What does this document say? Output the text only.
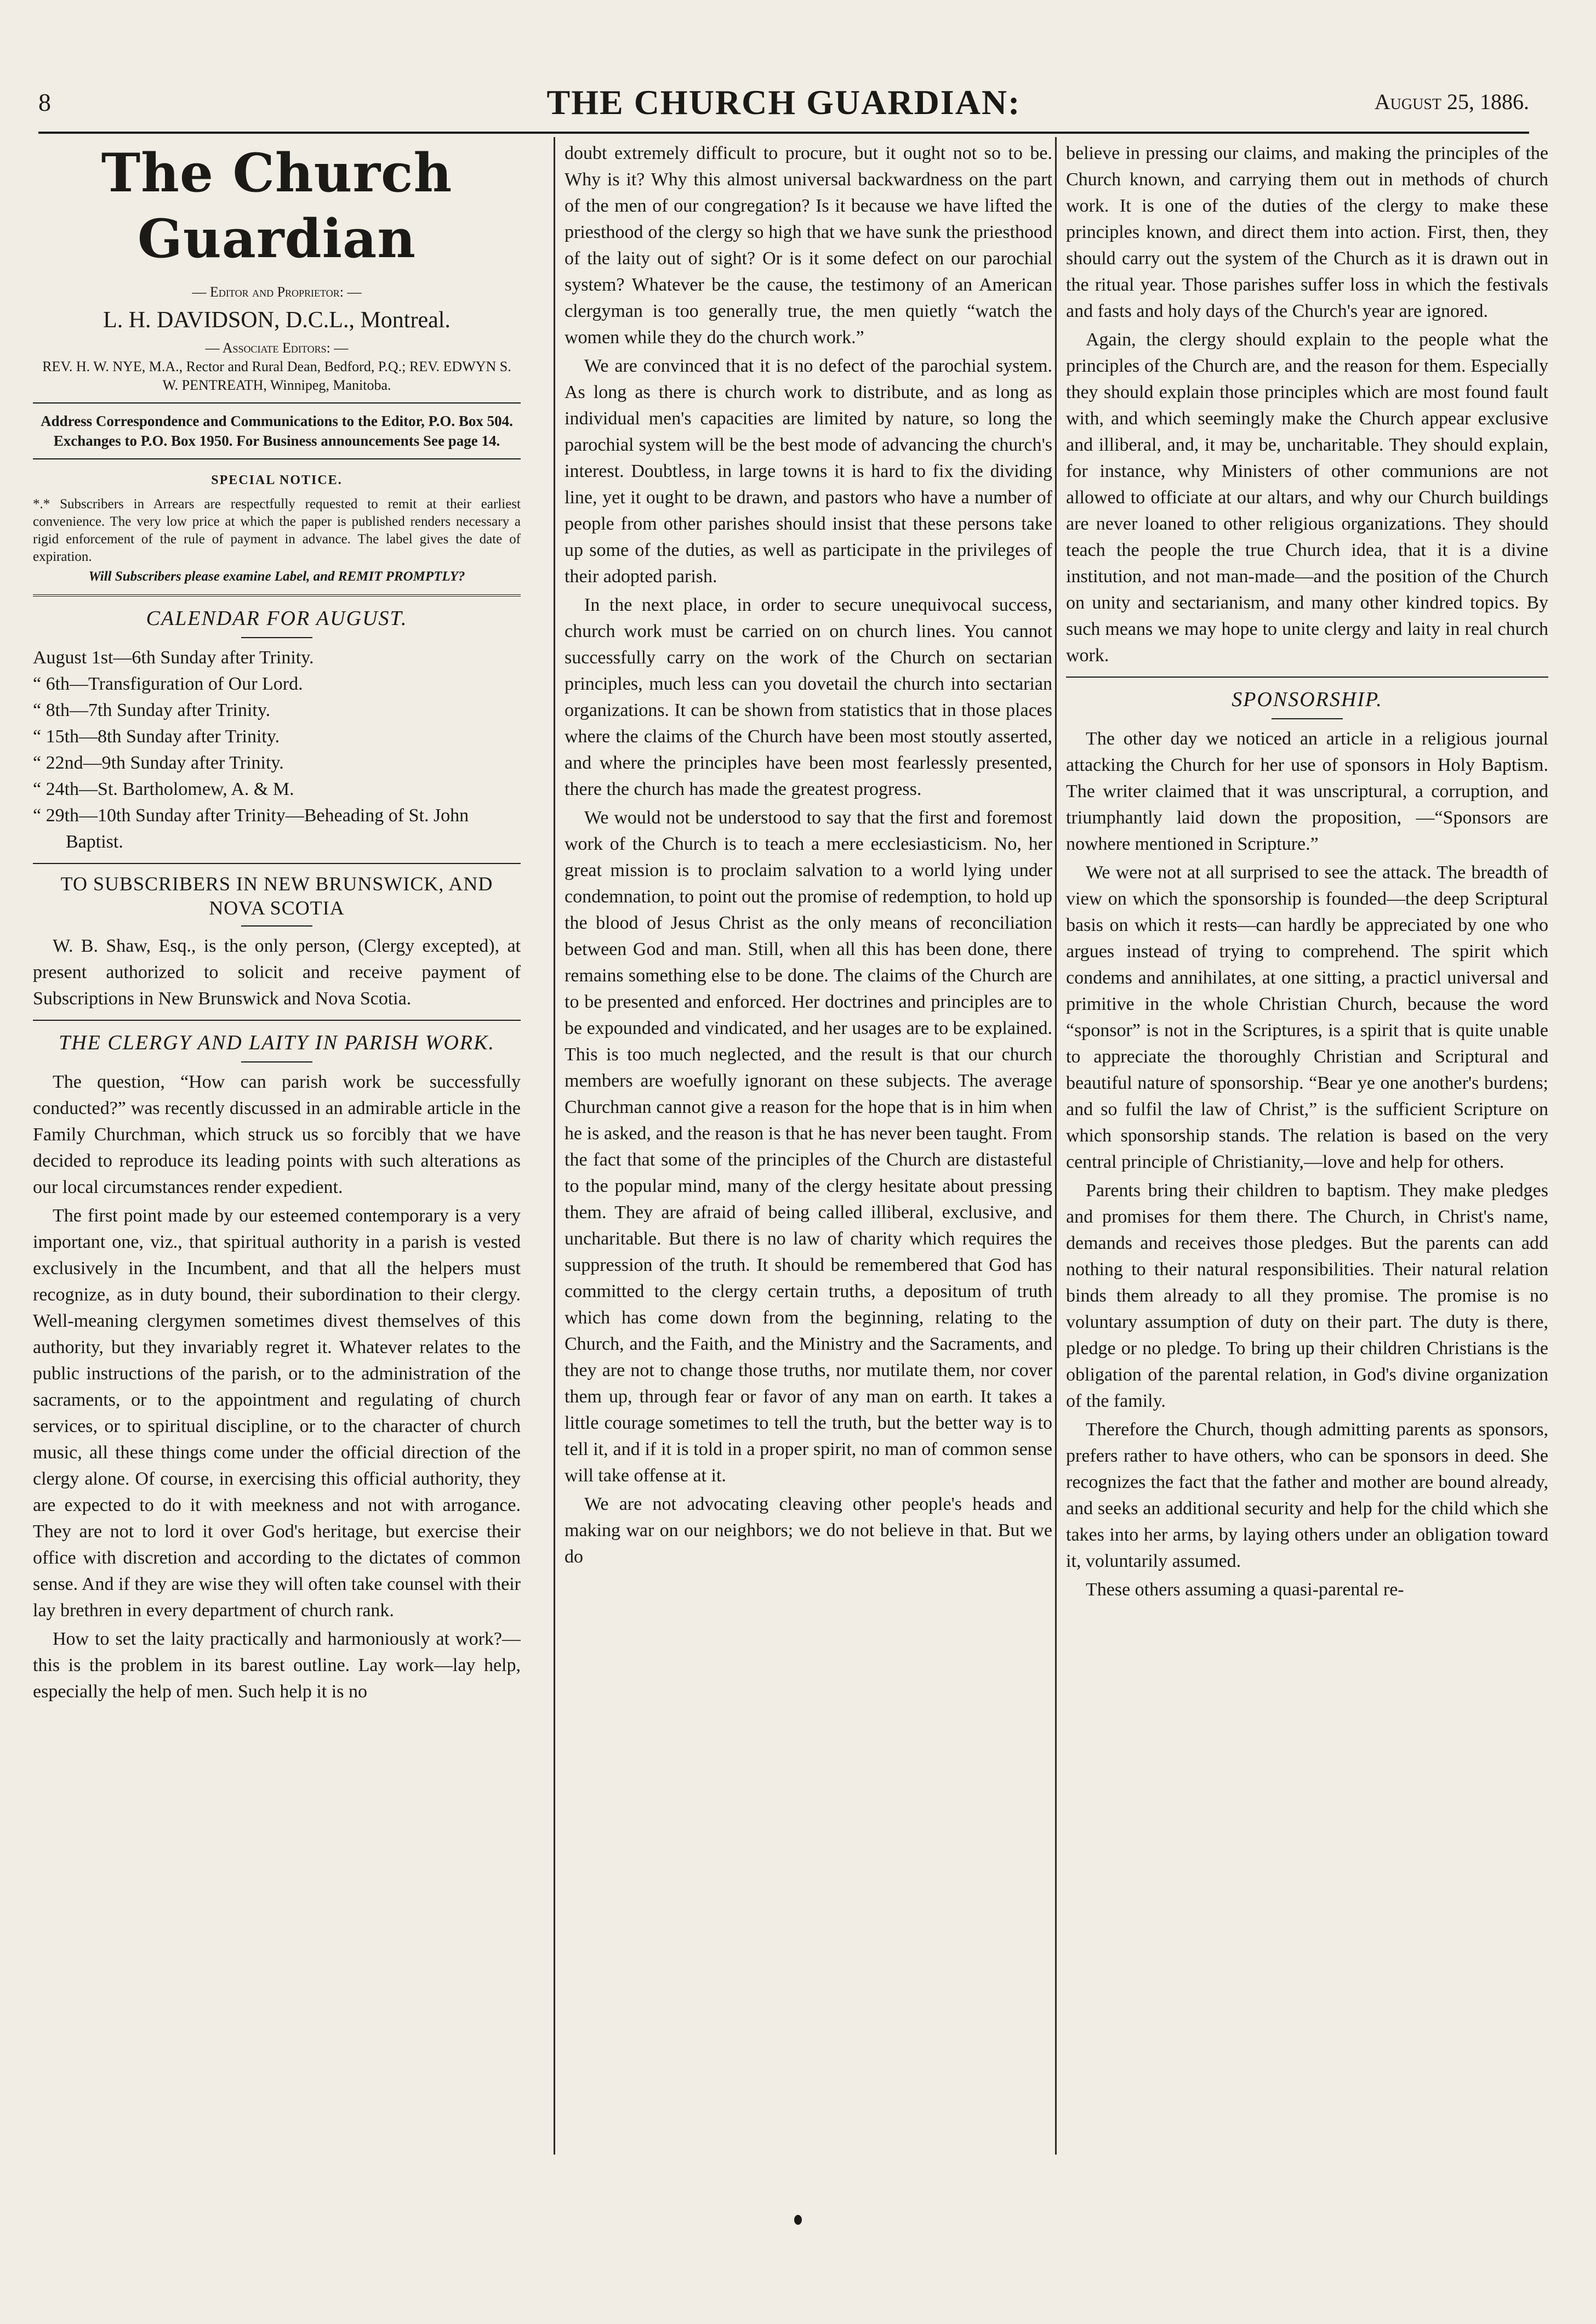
8	THE CHURCH GUARDIAN:	August 25, 1886.
The Church Guardian
— Editor and Proprietor: —
L. H. DAVIDSON, D.C.L., Montreal.
— Associate Editors: —
REV. H. W. NYE, M.A., Rector and Rural Dean, Bedford, P.Q.; REV. EDWYN S. W. PENTREATH, Winnipeg, Manitoba.
Address Correspondence and Communications to the Editor, P.O. Box 504. Exchanges to P.O. Box 1950. For Business announcements See page 14.
SPECIAL NOTICE.
*.* Subscribers in Arrears are respectfully requested to remit at their earliest convenience. The very low price at which the paper is published renders necessary a rigid enforcement of the rule of payment in advance. The label gives the date of expiration.
Will Subscribers please examine Label, and REMIT PROMPTLY?
CALENDAR FOR AUGUST.
August 1st—6th Sunday after Trinity.
“ 6th—Transfiguration of Our Lord.
“ 8th—7th Sunday after Trinity.
“ 15th—8th Sunday after Trinity.
“ 22nd—9th Sunday after Trinity.
“ 24th—St. Bartholomew, A. & M.
“ 29th—10th Sunday after Trinity—Beheading of St. John Baptist.
TO SUBSCRIBERS IN NEW BRUNSWICK, AND NOVA SCOTIA

W. B. Shaw, Esq., is the only person, (Clergy excepted), at present authorized to solicit and receive payment of Subscriptions in New Brunswick and Nova Scotia.

THE CLERGY AND LAITY IN PARISH WORK.

The question, “How can parish work be successfully conducted?” was recently discussed in an admirable article in the Family Churchman, which struck us so forcibly that we have decided to reproduce its leading points with such alterations as our local circumstances render expedient.

The first point made by our esteemed contemporary is a very important one, viz., that spiritual authority in a parish is vested exclusively in the Incumbent, and that all the helpers must recognize, as in duty bound, their subordination to their clergy. Well-meaning clergymen sometimes divest themselves of this authority, but they invariably regret it. Whatever relates to the public instructions of the parish, or to the administration of the sacraments, or to the appointment and regulating of church services, or to spiritual discipline, or to the character of church music, all these things come under the official direction of the clergy alone. Of course, in exercising this official authority, they are expected to do it with meekness and not with arrogance. They are not to lord it over God's heritage, but exercise their office with discretion and according to the dictates of common sense. And if they are wise they will often take counsel with their lay brethren in every department of church rank.

How to set the laity practically and harmoniously at work?—this is the problem in its barest outline. Lay work—lay help, especially the help of men. Such help it is no

doubt extremely difficult to procure, but it ought not so to be. Why is it? Why this almost universal backwardness on the part of the men of our congregation? Is it because we have lifted the priesthood of the clergy so high that we have sunk the priesthood of the laity out of sight? Or is it some defect on our parochial system? Whatever be the cause, the testimony of an American clergyman is too generally true, the men quietly “watch the women while they do the church work.”

We are convinced that it is no defect of the parochial system. As long as there is church work to distribute, and as long as individual men's capacities are limited by nature, so long the parochial system will be the best mode of advancing the church's interest. Doubtless, in large towns it is hard to fix the dividing line, yet it ought to be drawn, and pastors who have a number of people from other parishes should insist that these persons take up some of the duties, as well as participate in the privileges of their adopted parish.

In the next place, in order to secure unequivocal success, church work must be carried on on church lines. You cannot successfully carry on the work of the Church on sectarian principles, much less can you dovetail the church into sectarian organizations. It can be shown from statistics that in those places where the claims of the Church have been most stoutly asserted, and where the principles have been most fearlessly presented, there the church has made the greatest progress.

We would not be understood to say that the first and foremost work of the Church is to teach a mere ecclesiasticism. No, her great mission is to proclaim salvation to a world lying under condemnation, to point out the promise of redemption, to hold up the blood of Jesus Christ as the only means of reconciliation between God and man. Still, when all this has been done, there remains something else to be done. The claims of the Church are to be presented and enforced. Her doctrines and principles are to be expounded and vindicated, and her usages are to be explained. This is too much neglected, and the result is that our church members are woefully ignorant on these subjects. The average Churchman cannot give a reason for the hope that is in him when he is asked, and the reason is that he has never been taught. From the fact that some of the principles of the Church are distasteful to the popular mind, many of the clergy hesitate about pressing them. They are afraid of being called illiberal, exclusive, and uncharitable. But there is no law of charity which requires the suppression of the truth. It should be remembered that God has committed to the clergy certain truths, a depositum of truth which has come down from the beginning, relating to the Church, and the Faith, and the Ministry and the Sacraments, and they are not to change those truths, nor mutilate them, nor cover them up, through fear or favor of any man on earth. It takes a little courage sometimes to tell the truth, but the better way is to tell it, and if it is told in a proper spirit, no man of common sense will take offense at it.

We are not advocating cleaving other people's heads and making war on our neighbors; we do not believe in that. But we do

believe in pressing our claims, and making the principles of the Church known, and carrying them out in methods of church work. It is one of the duties of the clergy to make these principles known, and direct them into action. First, then, they should carry out the system of the Church as it is drawn out in the ritual year. Those parishes suffer loss in which the festivals and fasts and holy days of the Church's year are ignored.

Again, the clergy should explain to the people what the principles of the Church are, and the reason for them. Especially they should explain those principles which are most found fault with, and which seemingly make the Church appear exclusive and illiberal, and, it may be, uncharitable. They should explain, for instance, why Ministers of other communions are not allowed to officiate at our altars, and why our Church buildings are never loaned to other religious organizations. They should teach the people the true Church idea, that it is a divine institution, and not man-made—and the position of the Church on unity and sectarianism, and many other kindred topics. By such means we may hope to unite clergy and laity in real church work.

SPONSORSHIP.

The other day we noticed an article in a religious journal attacking the Church for her use of sponsors in Holy Baptism. The writer claimed that it was unscriptural, a corruption, and triumphantly laid down the proposition, —“Sponsors are nowhere mentioned in Scripture.”

We were not at all surprised to see the attack. The breadth of view on which the sponsorship is founded—the deep Scriptural basis on which it rests—can hardly be appreciated by one who argues instead of trying to comprehend. The spirit which condems and annihilates, at one sitting, a practicl universal and primitive in the whole Christian Church, because the word “sponsor” is not in the Scriptures, is a spirit that is quite unable to appreciate the thoroughly Christian and Scriptural and beautiful nature of sponsorship. “Bear ye one another's burdens; and so fulfil the law of Christ,” is the sufficient Scripture on which sponsorship stands. The relation is based on the very central principle of Christianity,—love and help for others.

Parents bring their children to baptism. They make pledges and promises for them there. The Church, in Christ's name, demands and receives those pledges. But the parents can add nothing to their natural responsibilities. Their natural relation binds them already to all they promise. The promise is no voluntary assumption of duty on their part. The duty is there, pledge or no pledge. To bring up their children Christians is the obligation of the parental relation, in God's divine organization of the family.

Therefore the Church, though admitting parents as sponsors, prefers rather to have others, who can be sponsors in deed. She recognizes the fact that the father and mother are bound already, and seeks an additional security and help for the child which she takes into her arms, by laying others under an obligation toward it, voluntarily assumed.

These others assuming a quasi-parental re-
